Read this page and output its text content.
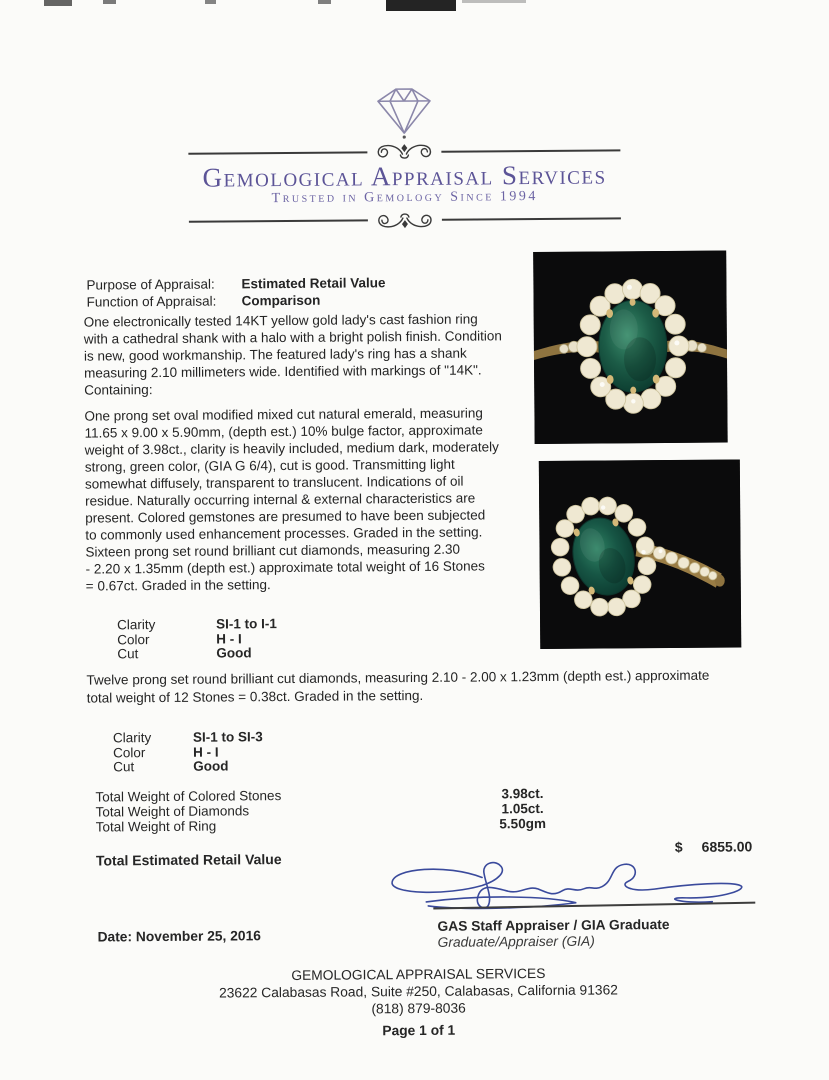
Gemological Appraisal Services
Trusted in Gemology Since 1994
Purpose of Appraisal:	Estimated Retail Value
Function of Appraisal:	Comparison

One electronically tested 14KT yellow gold lady's cast fashion ring
with a cathedral shank with a halo with a bright polish finish. Condition
is new, good workmanship. The featured lady's ring has a shank
measuring 2.10 millimeters wide. Identified with markings of "14K".
Containing:

One prong set oval modified mixed cut natural emerald, measuring
11.65 x 9.00 x 5.90mm, (depth est.) 10% bulge factor, approximate
weight of 3.98ct., clarity is heavily included, medium dark, moderately
strong, green color, (GIA G 6/4), cut is good. Transmitting light
somewhat diffusely, transparent to translucent. Indications of oil
residue. Naturally occurring internal & external characteristics are
present. Colored gemstones are presumed to have been subjected
to commonly used enhancement processes. Graded in the setting.

Sixteen prong set round brilliant cut diamonds, measuring 2.30
- 2.20 x 1.35mm (depth est.) approximate total weight of 16 Stones
= 0.67ct. Graded in the setting.

Clarity	SI-1 to I-1
Color	H - I
Cut	Good

Twelve prong set round brilliant cut diamonds, measuring 2.10 - 2.00 x 1.23mm (depth est.) approximate
total weight of 12 Stones = 0.38ct. Graded in the setting.

Clarity	SI-1 to SI-3
Color	H - I
Cut	Good
Total Weight of Colored Stones	3.98ct.
Total Weight of Diamonds	1.05ct.
Total Weight of Ring	5.50gm
Total Estimated Retail Value
$ 6855.00
GAS Staff Appraiser / GIA Graduate
Graduate/Appraiser (GIA)
Date: November 25, 2016
GEMOLOGICAL APPRAISAL SERVICES
23622 Calabasas Road, Suite #250, Calabasas, California 91362
(818) 879-8036
Page 1 of 1
